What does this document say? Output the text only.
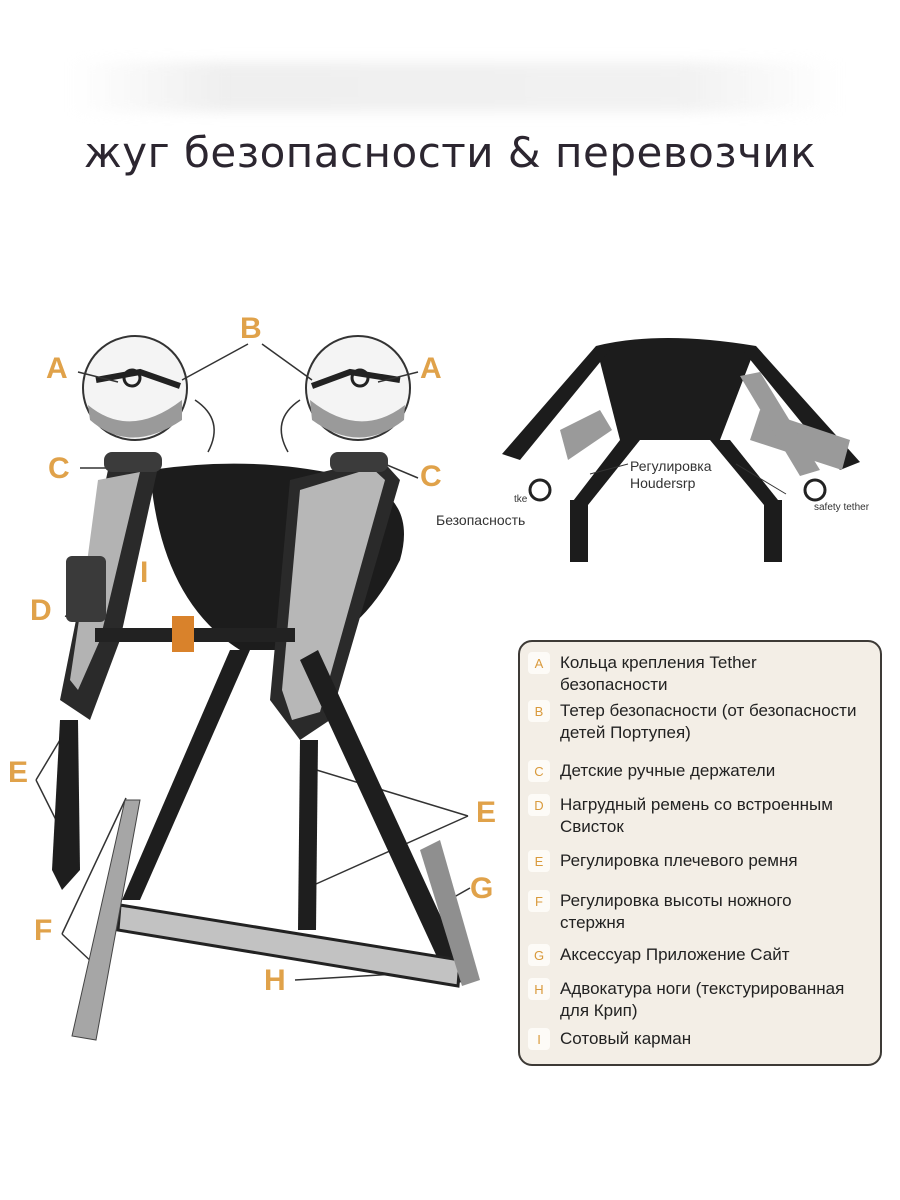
жуг безопасности & перевозчик
A
B
A
C	C
I
D
E
E
G
F
H
Регулировка
Houdersrp
Безопасность
safety tether
tke
A Кольца крепления Tether безопасности
B Тетер безопасности (от безопасности детей Портупея)
C Детские ручные держатели
D Нагрудный ремень со встроенным Свисток
E Регулировка плечевого ремня
F	Регулировка высоты ножного стержня
G Аксессуар Приложение Сайт
H Адвокатура ноги (текстурированная для Крип)
I	Сотовый карман
